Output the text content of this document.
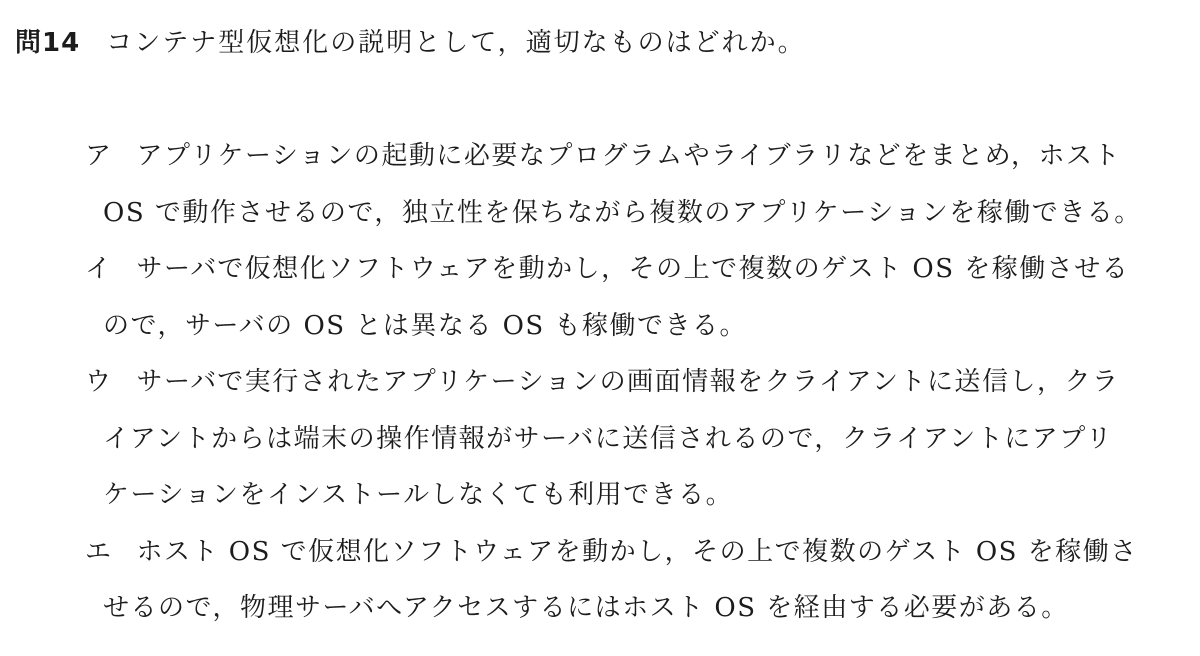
問14 コンテナ型仮想化の説明として，適切なものはどれか。
ア アプリケーションの起動に必要なプログラムやライブラリなどをまとめ，ホスト
OS で動作させるので，独立性を保ちながら複数のアプリケーションを稼働できる。
イ サーバで仮想化ソフトウェアを動かし，その上で複数のゲスト OS を稼働させる
ので，サーバの OS とは異なる OS も稼働できる。
ウ サーバで実行されたアプリケーションの画面情報をクライアントに送信し，クラ
イアントからは端末の操作情報がサーバに送信されるので，クライアントにアプリ
ケーションをインストールしなくても利用できる。
エ ホスト OS で仮想化ソフトウェアを動かし，その上で複数のゲスト OS を稼働さ
せるので，物理サーバへアクセスするにはホスト OS を経由する必要がある。
